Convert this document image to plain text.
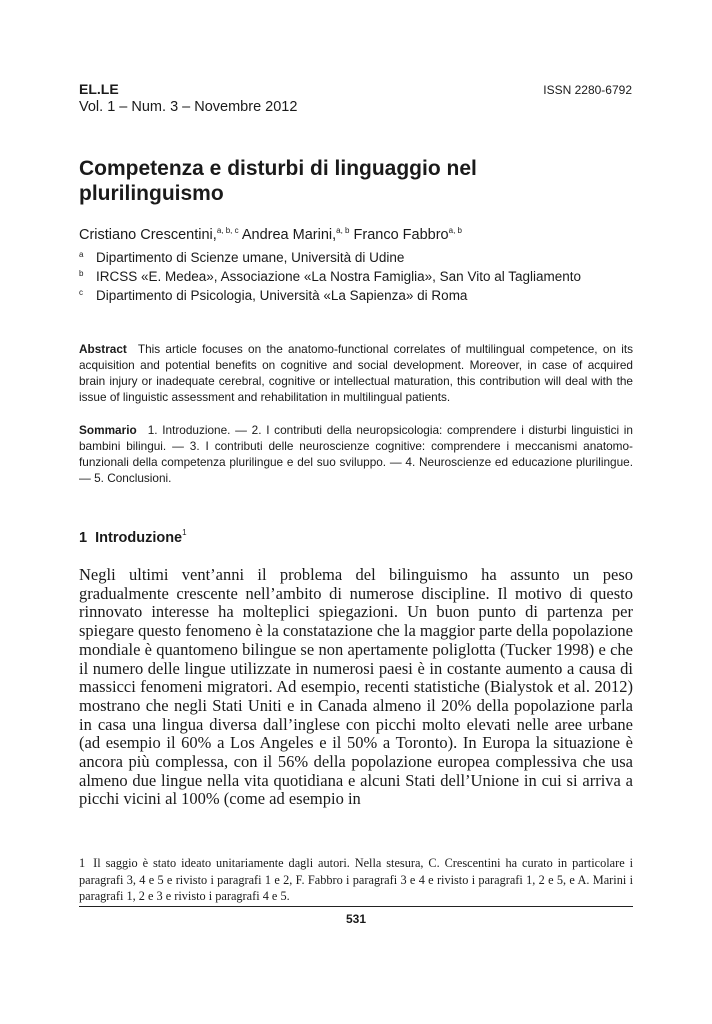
EL.LE	ISSN 2280-6792
Vol. 1 – Num. 3 – Novembre 2012
Competenza e disturbi di linguaggio nel plurilinguismo
Cristiano Crescentini,$^{a, b, c}$ Andrea Marini,$^{a, b}$ Franco Fabbro$^{a, b}$
a Dipartimento di Scienze umane, Università di Udine
b IRCSS «E. Medea», Associazione «La Nostra Famiglia», San Vito al Tagliamento
c Dipartimento di Psicologia, Università «La Sapienza» di Roma
Abstract This article focuses on the anatomo-functional correlates of multilingual competence, on its acquisition and potential benefits on cognitive and social development. Moreover, in case of acquired brain injury or inadequate cerebral, cognitive or intellectual maturation, this contribution will deal with the issue of linguistic assessment and rehabilitation in multilingual patients.
Sommario 1. Introduzione. — 2. I contributi della neuropsicologia: comprendere i disturbi linguistici in bambini bilingui. — 3. I contributi delle neuroscienze cognitive: comprendere i meccanismi anatomo-funzionali della competenza plurilingue e del suo sviluppo. — 4. Neuroscienze ed educazione plurilingue. — 5. Conclusioni.
1 Introduzione$^1$
Negli ultimi vent’anni il problema del bilinguismo ha assunto un peso gradualmente crescente nell’ambito di numerose discipline. Il motivo di questo rinnovato interesse ha molteplici spiegazioni. Un buon punto di partenza per spiegare questo fenomeno è la constatazione che la maggior parte della popolazione mondiale è quantomeno bilingue se non apertamente poliglotta (Tucker 1998) e che il numero delle lingue utilizzate in numerosi paesi è in costante aumento a causa di massicci fenomeni migratori. Ad esempio, recenti statistiche (Bialystok et al. 2012) mostrano che negli Stati Uniti e in Canada almeno il 20% della popolazione parla in casa una lingua diversa dall’inglese con picchi molto elevati nelle aree urbane (ad esempio il 60% a Los Angeles e il 50% a Toronto). In Europa la situazione è ancora più complessa, con il 56% della popolazione europea complessiva che usa almeno due lingue nella vita quotidiana e alcuni Stati dell’Unione in cui si arriva a picchi vicini al 100% (come ad esempio in
1 Il saggio è stato ideato unitariamente dagli autori. Nella stesura, C. Crescentini ha curato in particolare i paragrafi 3, 4 e 5 e rivisto i paragrafi 1 e 2, F. Fabbro i paragrafi 3 e 4 e rivisto i paragrafi 1, 2 e 5, e A. Marini i paragrafi 1, 2 e 3 e rivisto i paragrafi 4 e 5.
531
